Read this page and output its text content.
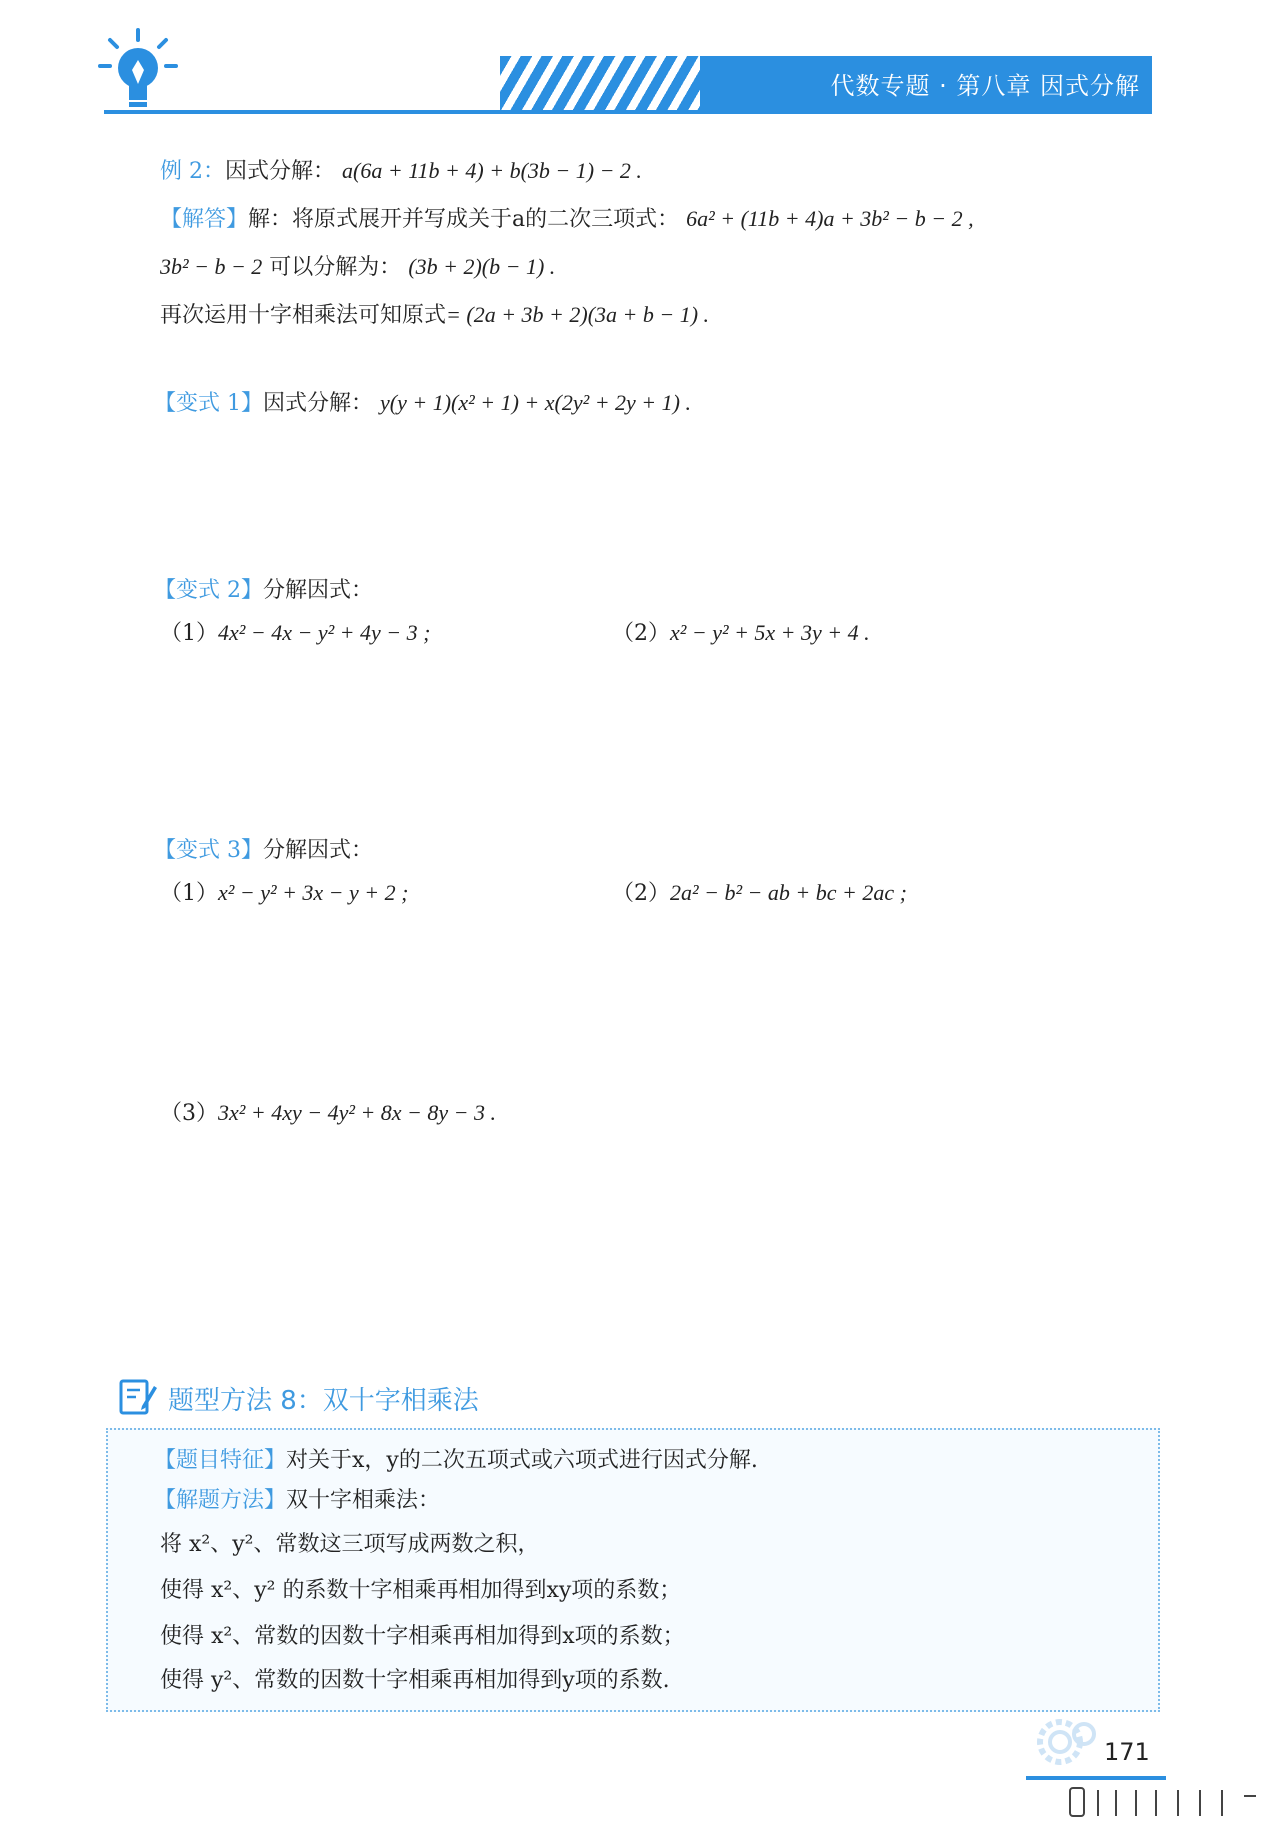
代数专题 · 第八章 因式分解
例 2：因式分解： a(6a + 11b + 4) + b(3b − 1) − 2 .
【解答】解：将原式展开并写成关于a的二次三项式： 6a² + (11b + 4)a + 3b² − b − 2 ,
3b² − b − 2 可以分解为： (3b + 2)(b − 1) .
再次运用十字相乘法可知原式= (2a + 3b + 2)(3a + b − 1) .
【变式 1】因式分解： y(y + 1)(x² + 1) + x(2y² + 2y + 1) .
【变式 2】分解因式：
（1）4x² − 4x − y² + 4y − 3 ;	（2）x² − y² + 5x + 3y + 4 .
【变式 3】分解因式：
（1）x² − y² + 3x − y + 2 ;	（2）2a² − b² − ab + bc + 2ac ;
（3）3x² + 4xy − 4y² + 8x − 8y − 3 .
题型方法 8：双十字相乘法
【题目特征】对关于x，y的二次五项式或六项式进行因式分解.
【解题方法】双十字相乘法：
将 x²、y²、常数这三项写成两数之积，
使得 x²、y² 的系数十字相乘再相加得到xy项的系数；
使得 x²、常数的因数十字相乘再相加得到x项的系数；
使得 y²、常数的因数十字相乘再相加得到y项的系数.
171
